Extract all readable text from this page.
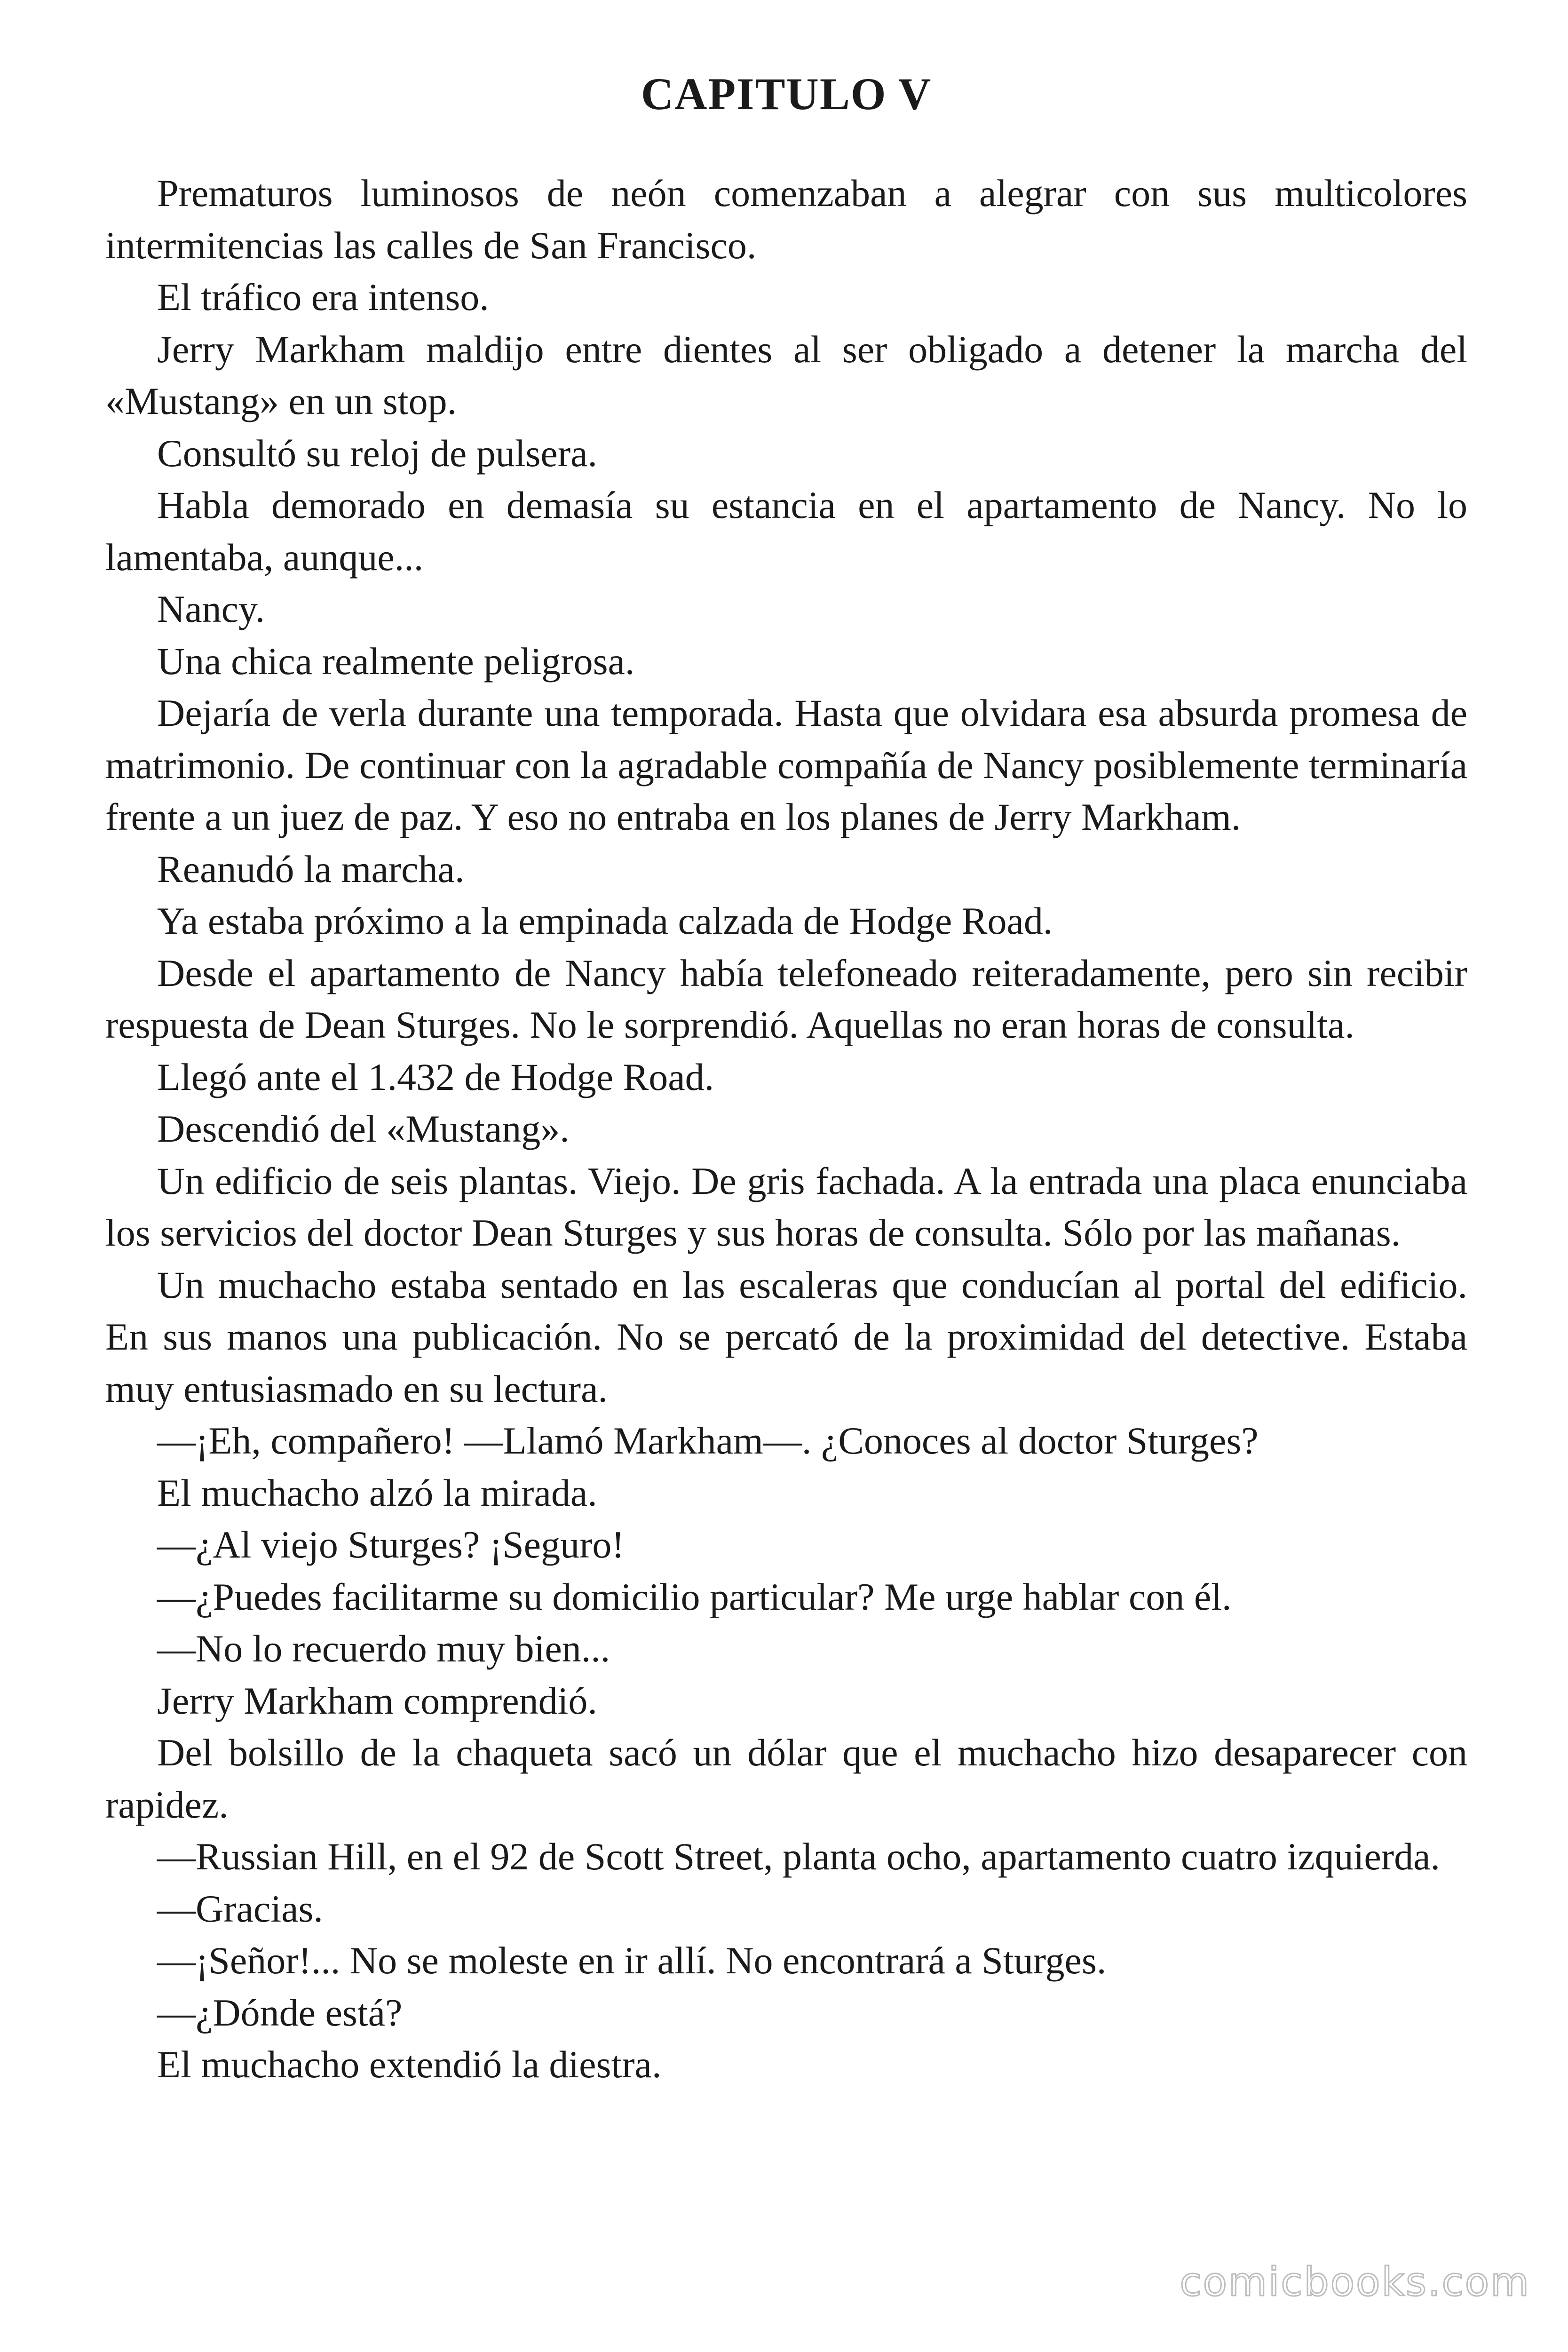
CAPITULO V

Prematuros luminosos de neón comenzaban a alegrar con sus multicolores intermitencias las calles de San Francisco.

El tráfico era intenso.

Jerry Markham maldijo entre dientes al ser obligado a detener la marcha del «Mustang» en un stop.

Consultó su reloj de pulsera.

Habla demorado en demasía su estancia en el apartamento de Nancy. No lo lamentaba, aunque...

Nancy.

Una chica realmente peligrosa.

Dejaría de verla durante una temporada. Hasta que olvidara esa absurda promesa de matrimonio. De continuar con la agradable compañía de Nancy posiblemente terminaría frente a un juez de paz. Y eso no entraba en los planes de Jerry Markham.

Reanudó la marcha.

Ya estaba próximo a la empinada calzada de Hodge Road.

Desde el apartamento de Nancy había telefoneado reiteradamente, pero sin recibir respuesta de Dean Sturges. No le sorprendió. Aquellas no eran horas de consulta.

Llegó ante el 1.432 de Hodge Road.

Descendió del «Mustang».

Un edificio de seis plantas. Viejo. De gris fachada. A la entrada una placa enunciaba los servicios del doctor Dean Sturges y sus horas de consulta. Sólo por las mañanas.

Un muchacho estaba sentado en las escaleras que conducían al portal del edificio. En sus manos una publicación. No se percató de la proximidad del detective. Estaba muy entusiasmado en su lectura.

—¡Eh, compañero! —Llamó Markham—. ¿Conoces al doctor Sturges?

El muchacho alzó la mirada.

—¿Al viejo Sturges? ¡Seguro!

—¿Puedes facilitarme su domicilio particular? Me urge hablar con él.

—No lo recuerdo muy bien...

Jerry Markham comprendió.

Del bolsillo de la chaqueta sacó un dólar que el muchacho hizo desaparecer con rapidez.

—Russian Hill, en el 92 de Scott Street, planta ocho, apartamento cuatro izquierda.

—Gracias.

—¡Señor!... No se moleste en ir allí. No encontrará a Sturges.

—¿Dónde está?

El muchacho extendió la diestra.

comicbooks.com
